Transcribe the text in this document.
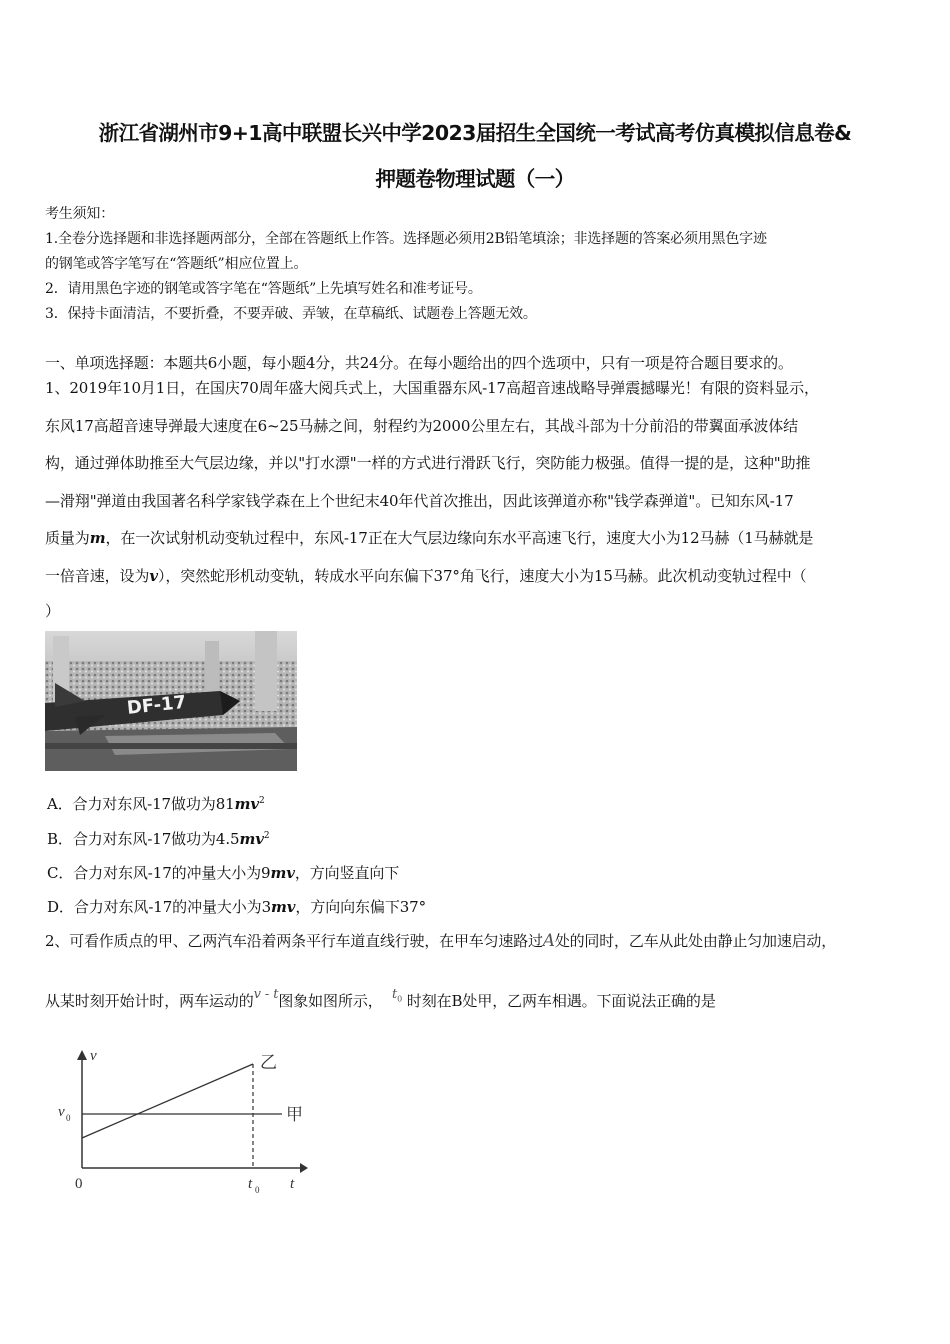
浙江省湖州市9+1高中联盟长兴中学2023届招生全国统一考试高考仿真模拟信息卷&
押题卷物理试题（一）
考生须知：
1.全卷分选择题和非选择题两部分，全部在答题纸上作答。选择题必须用2B铅笔填涂；非选择题的答案必须用黑色字迹
的钢笔或答字笔写在“答题纸”相应位置上。
2．请用黑色字迹的钢笔或答字笔在“答题纸”上先填写姓名和准考证号。
3．保持卡面清洁，不要折叠，不要弄破、弄皱，在草稿纸、试题卷上答题无效。
一、单项选择题：本题共6小题，每小题4分，共24分。在每小题给出的四个选项中，只有一项是符合题目要求的。
1、2019年10月1日，在国庆70周年盛大阅兵式上，大国重器东风-17高超音速战略导弹震撼曝光！有限的资料显示，
东风17高超音速导弹最大速度在6~25马赫之间，射程约为2000公里左右，其战斗部为十分前沿的带翼面承波体结
构，通过弹体助推至大气层边缘，并以"打水漂"一样的方式进行滑跃飞行，突防能力极强。值得一提的是，这种"助推
—滑翔"弹道由我国著名科学家钱学森在上个世纪末40年代首次推出，因此该弹道亦称"钱学森弹道"。已知东风-17
质量为m，在一次试射机动变轨过程中，东风-17正在大气层边缘向东水平高速飞行，速度大小为12马赫（1马赫就是
一倍音速，设为v），突然蛇形机动变轨，转成水平向东偏下37°角飞行，速度大小为15马赫。此次机动变轨过程中（
）
DF-17
A．合力对东风-17做功为$81mv^2$
B．合力对东风-17做功为$4.5mv^2$
C．合力对东风-17的冲量大小为9mv，方向竖直向下
D．合力对东风-17的冲量大小为3mv，方向向东偏下37°
2、可看作质点的甲、乙两汽车沿着两条平行车道直线行驶，在甲车匀速路过A处的同时，乙车从此处由静止匀加速启动，
从某时刻开始计时，两车运动的v - t图象如图所示， $t_0$ 时刻在B处甲，乙两车相遇。下面说法正确的是
v
t
0
v 0
t 0
乙
甲
